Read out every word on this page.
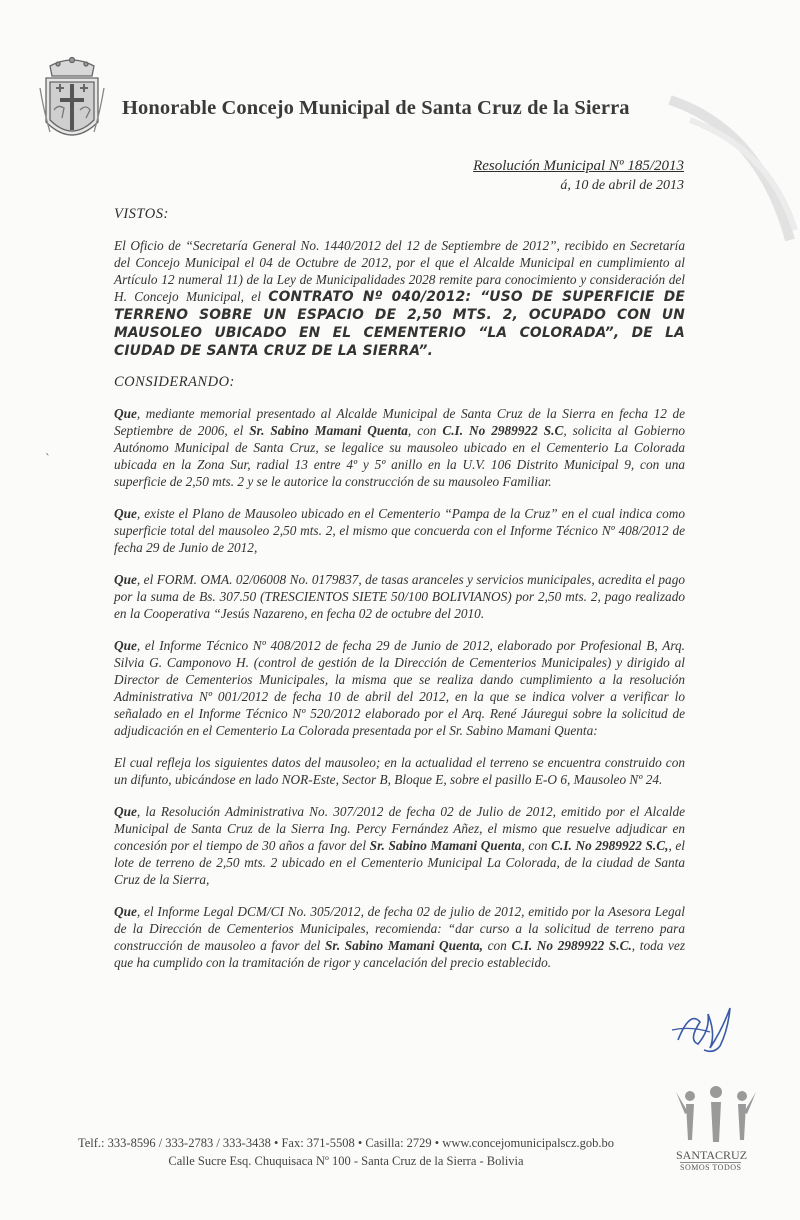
Honorable Concejo Municipal de Santa Cruz de la Sierra
Resolución Municipal Nº 185/2013
á, 10 de abril de 2013
VISTOS:

El Oficio de “Secretaría General No. 1440/2012 del 12 de Septiembre de 2012”, recibido en Secretaría del Concejo Municipal el 04 de Octubre de 2012, por el que el Alcalde Municipal en cumplimiento al Artículo 12 numeral 11) de la Ley de Municipalidades 2028 remite para conocimiento y consideración del H. Concejo Municipal, el CONTRATO Nº 040/2012: “USO DE SUPERFICIE DE TERRENO SOBRE UN ESPACIO DE 2,50 MTS. 2, OCUPADO CON UN MAUSOLEO UBICADO EN EL CEMENTERIO “LA COLORADA”, DE LA CIUDAD DE SANTA CRUZ DE LA SIERRA”.

CONSIDERANDO:
`

Que, mediante memorial presentado al Alcalde Municipal de Santa Cruz de la Sierra en fecha 12 de Septiembre de 2006, el Sr. Sabino Mamani Quenta, con C.I. No 2989922 S.C, solicita al Gobierno Autónomo Municipal de Santa Cruz, se legalice su mausoleo ubicado en el Cementerio La Colorada ubicada en la Zona Sur, radial 13 entre 4º y 5º anillo en la U.V. 106 Distrito Municipal 9, con una superficie de 2,50 mts. 2 y se le autorice la construcción de su mausoleo Familiar.

Que, existe el Plano de Mausoleo ubicado en el Cementerio “Pampa de la Cruz” en el cual indica como superficie total del mausoleo 2,50 mts. 2, el mismo que concuerda con el Informe Técnico Nº 408/2012 de fecha 29 de Junio de 2012,

Que, el FORM. OMA. 02/06008 No. 0179837, de tasas aranceles y servicios municipales, acredita el pago por la suma de Bs. 307.50 (TRESCIENTOS SIETE 50/100 BOLIVIANOS) por 2,50 mts. 2, pago realizado en la Cooperativa “Jesús Nazareno, en fecha 02 de octubre del 2010.

Que, el Informe Técnico Nº 408/2012 de fecha 29 de Junio de 2012, elaborado por Profesional B, Arq. Silvia G. Camponovo H. (control de gestión de la Dirección de Cementerios Municipales) y dirigido al Director de Cementerios Municipales, la misma que se realiza dando cumplimiento a la resolución Administrativa Nº 001/2012 de fecha 10 de abril del 2012, en la que se indica volver a verificar lo señalado en el Informe Técnico Nº 520/2012 elaborado por el Arq. René Jáuregui sobre la solicitud de adjudicación en el Cementerio La Colorada presentada por el Sr. Sabino Mamani Quenta:

El cual refleja los siguientes datos del mausoleo; en la actualidad el terreno se encuentra construido con un difunto, ubicándose en lado NOR-Este, Sector B, Bloque E, sobre el pasillo E-O 6, Mausoleo Nº 24.

Que, la Resolución Administrativa No. 307/2012 de fecha 02 de Julio de 2012, emitido por el Alcalde Municipal de Santa Cruz de la Sierra Ing. Percy Fernández Añez, el mismo que resuelve adjudicar en concesión por el tiempo de 30 años a favor del Sr. Sabino Mamani Quenta, con C.I. No 2989922 S.C,, el lote de terreno de 2,50 mts. 2 ubicado en el Cementerio Municipal La Colorada, de la ciudad de Santa Cruz de la Sierra,

Que, el Informe Legal DCM/CI No. 305/2012, de fecha 02 de julio de 2012, emitido por la Asesora Legal de la Dirección de Cementerios Municipales, recomienda: “dar curso a la solicitud de terreno para construcción de mausoleo a favor del Sr. Sabino Mamani Quenta, con C.I. No 2989922 S.C., toda vez que ha cumplido con la tramitación de rigor y cancelación del precio establecido.

SANTACRUZ
SOMOS TODOS
Telf.: 333-8596 / 333-2783 / 333-3438 • Fax: 371-5508 • Casilla: 2729 • www.concejomunicipalscz.gob.bo
Calle Sucre Esq. Chuquisaca Nº 100 - Santa Cruz de la Sierra - Bolivia
